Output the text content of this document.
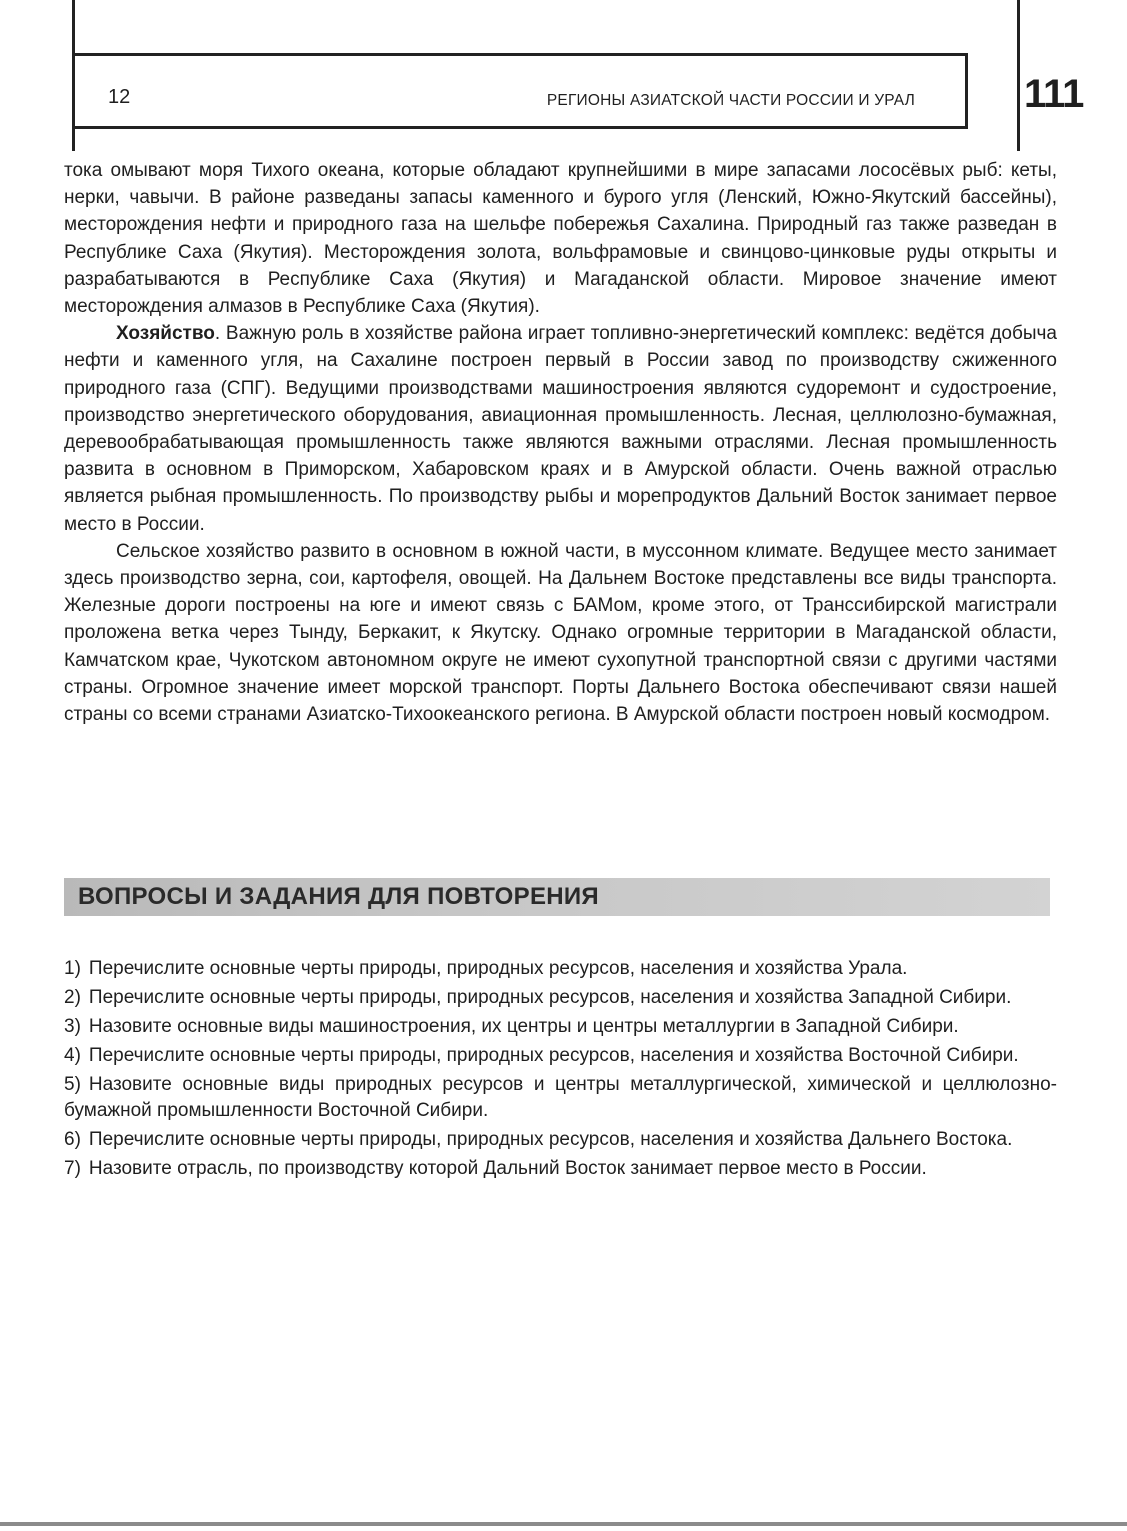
12	РЕГИОНЫ АЗИАТСКОЙ ЧАСТИ РОССИИ И УРАЛ	111

тока омывают моря Тихого океана, которые обладают крупнейшими в мире запасами лососёвых рыб: кеты, нерки, чавычи. В районе разведаны запасы каменного и бурого угля (Ленский, Южно-Якутский бассейны), месторождения нефти и природного газа на шельфе побережья Сахалина. Природный газ также разведан в Республике Саха (Якутия). Месторождения золота, вольфрамовые и свинцово-цинковые руды открыты и разрабатываются в Республике Саха (Якутия) и Магаданской области. Мировое значение имеют месторождения алмазов в Республике Саха (Якутия).

Хозяйство. Важную роль в хозяйстве района играет топливно-энергетический комплекс: ведётся добыча нефти и каменного угля, на Сахалине построен первый в России завод по производству сжиженного природного газа (СПГ). Ведущими производствами машиностроения являются судоремонт и судостроение, производство энергетического оборудования, авиационная промышленность. Лесная, целлюлозно-бумажная, деревообрабатывающая промышленность также являются важными отраслями. Лесная промышленность развита в основном в Приморском, Хабаровском краях и в Амурской области. Очень важной отраслью является рыбная промышленность. По производству рыбы и морепродуктов Дальний Восток занимает первое место в России.

Сельское хозяйство развито в основном в южной части, в муссонном климате. Ведущее место занимает здесь производство зерна, сои, картофеля, овощей. На Дальнем Востоке представлены все виды транспорта. Железные дороги построены на юге и имеют связь с БАМом, кроме этого, от Транссибирской магистрали проложена ветка через Тынду, Беркакит, к Якутску. Однако огромные территории в Магаданской области, Камчатском крае, Чукотском автономном округе не имеют сухопутной транспортной связи с другими частями страны. Огромное значение имеет морской транспорт. Порты Дальнего Востока обеспечивают связи нашей страны со всеми странами Азиатско-Тихоокеанского региона. В Амурской области построен новый космодром.

ВОПРОСЫ И ЗАДАНИЯ ДЛЯ ПОВТОРЕНИЯ

1) Перечислите основные черты природы, природных ресурсов, населения и хозяйства Урала.

2) Перечислите основные черты природы, природных ресурсов, населения и хозяйства Западной Сибири.

3) Назовите основные виды машиностроения, их центры и центры металлургии в Западной Сибири.

4) Перечислите основные черты природы, природных ресурсов, населения и хозяйства Восточной Сибири.

5) Назовите основные виды природных ресурсов и центры металлургической, химической и целлюлозно-бумажной промышленности Восточной Сибири.

6) Перечислите основные черты природы, природных ресурсов, населения и хозяйства Дальнего Востока.

7) Назовите отрасль, по производству которой Дальний Восток занимает первое место в России.
